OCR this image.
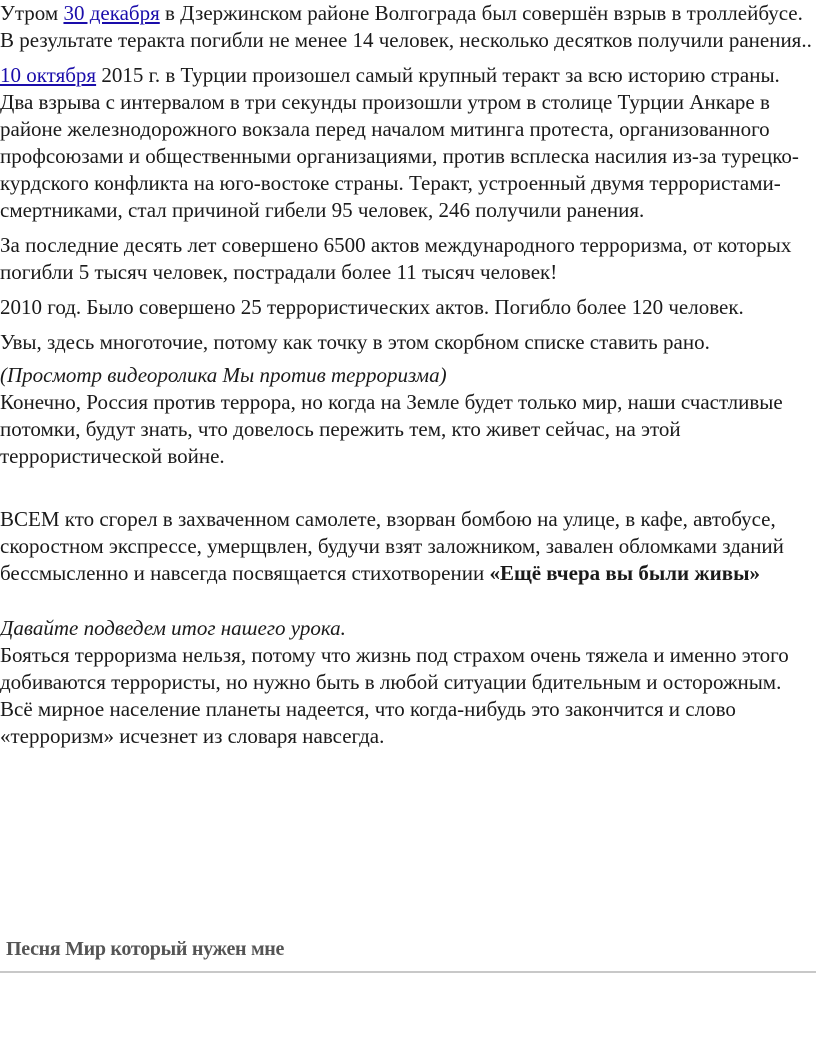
Утром 30 декабря в Дзержинском районе Волгограда был совершён взрыв в троллейбусе. В результате теракта погибли не менее 14 человек, несколько десятков получили ранения..

10 октября 2015 г. в Турции произошел самый крупный теракт за всю историю страны. Два взрыва с интервалом в три секунды произошли утром в столице Турции Анкаре в районе железнодорожного вокзала перед началом митинга протеста, организованного профсоюзами и общественными организациями, против всплеска насилия из-за турецко-курдского конфликта на юго-востоке страны. Теракт, устроенный двумя террористами-смертниками, стал причиной гибели 95 человек, 246 получили ранения.

За последние десять лет совершено 6500 актов международного терроризма, от которых погибли 5 тысяч человек, пострадали более 11 тысяч человек!

2010 год. Было совершено 25 террористических актов. Погибло более 120 человек.

Увы, здесь многоточие, потому как точку в этом скорбном списке ставить рано.

(Просмотр видеоролика Мы против терроризма)

Конечно, Россия против террора, но когда на Земле будет только мир, наши счастливые потомки, будут знать, что довелось пережить тем, кто живет сейчас, на этой террористической войне.

ВСЕМ кто сгорел в захваченном самолете, взорван бомбою на улице, в кафе, автобусе, скоростном экспрессе, умерщвлен, будучи взят заложником, завален обломками зданий бессмысленно и навсегда посвящается стихотворении «Ещё вчера вы были живы»

Давайте подведем итог нашего урока.

Бояться терроризма нельзя, потому что жизнь под страхом очень тяжела и именно этого добиваются террористы, но нужно быть в любой ситуации бдительным и осторожным.

Всё мирное население планеты надеется, что когда-нибудь это закончится и слово «терроризм» исчезнет из словаря навсегда.

Песня Мир который нужен мне
